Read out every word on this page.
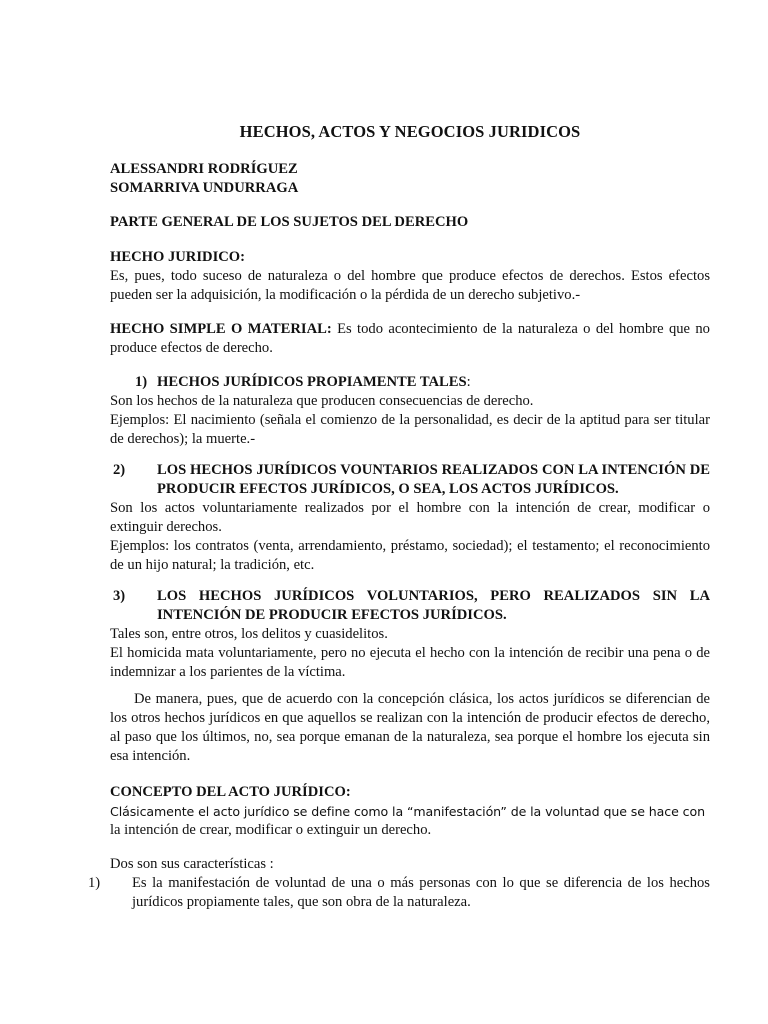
HECHOS, ACTOS Y NEGOCIOS JURIDICOS
ALESSANDRI RODRÍGUEZ
SOMARRIVA UNDURRAGA
PARTE GENERAL DE LOS SUJETOS DEL DERECHO
HECHO JURIDICO:
Es, pues, todo suceso de naturaleza o del hombre que produce efectos de derechos. Estos efectos pueden ser la adquisición, la modificación o la pérdida de un derecho subjetivo.-
HECHO SIMPLE O MATERIAL: Es todo acontecimiento de la naturaleza o del hombre que no produce efectos de derecho.
1) HECHOS JURÍDICOS PROPIAMENTE TALES:
Son los hechos de la naturaleza que producen consecuencias de derecho.
Ejemplos: El nacimiento (señala el comienzo de la personalidad, es decir de la aptitud para ser titular de derechos); la muerte.-
2) LOS HECHOS JURÍDICOS VOUNTARIOS REALIZADOS CON LA INTENCIÓN DE PRODUCIR EFECTOS JURÍDICOS, O SEA, LOS ACTOS JURÍDICOS.
Son los actos voluntariamente realizados por el hombre con la intención de crear, modificar o extinguir derechos.
Ejemplos: los contratos (venta, arrendamiento, préstamo, sociedad); el testamento; el reconocimiento de un hijo natural; la tradición, etc.
3) LOS HECHOS JURÍDICOS VOLUNTARIOS, PERO REALIZADOS SIN LA INTENCIÓN DE PRODUCIR EFECTOS JURÍDICOS.
Tales son, entre otros, los delitos y cuasidelitos.
El homicida mata voluntariamente, pero no ejecuta el hecho con la intención de recibir una pena o de indemnizar a los parientes de la víctima.
De manera, pues, que de acuerdo con la concepción clásica, los actos jurídicos se diferencian de los otros hechos jurídicos en que aquellos se realizan con la intención de producir efectos de derecho, al paso que los últimos, no, sea porque emanan de la naturaleza, sea porque el hombre los ejecuta sin esa intención.
CONCEPTO DEL ACTO JURÍDICO:
Clásicamente el acto jurídico se define como la “manifestación” de la voluntad que se hace con
la intención de crear, modificar o extinguir un derecho.
Dos son sus características :
1) Es la manifestación de voluntad de una o más personas con lo que se diferencia de los hechos jurídicos propiamente tales, que son obra de la naturaleza.
